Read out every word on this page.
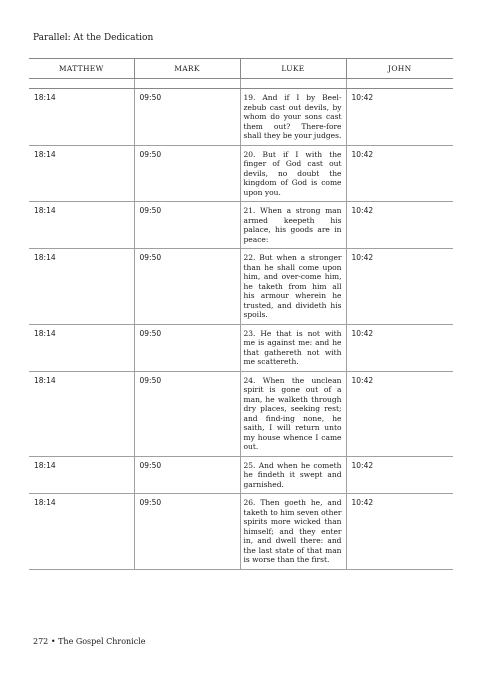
Parallel: At the Dedication
MATTHEW	MARK	LUKE	JOHN

18:14	09:50	19. And if I by Beel-zebub cast out devils, by whom do your sons cast them out? There-fore shall they be your judges.	10:42
18:14	09:50	20. But if I with the finger of God cast out devils, no doubt the kingdom of God is come upon you.	10:42
18:14	09:50	21. When a strong man armed keepeth his palace, his goods are in peace:	10:42
18:14	09:50	22. But when a stronger than he shall come upon him, and over-come him, he taketh from him all his armour wherein he trusted, and divideth his spoils.	10:42
18:14	09:50	23. He that is not with me is against me: and he that gathereth not with me scattereth.	10:42
18:14	09:50	24. When the unclean spirit is gone out of a man, he walketh through dry places, seeking rest; and find-ing none, he saith, I will return unto my house whence I came out.	10:42
18:14	09:50	25. And when he cometh he findeth it swept and garnished.	10:42
18:14	09:50	26. Then goeth he, and taketh to him seven other spirits more wicked than himself; and they enter in, and dwell there: and the last state of that man is worse than the first.	10:42
272 • The Gospel Chronicle
